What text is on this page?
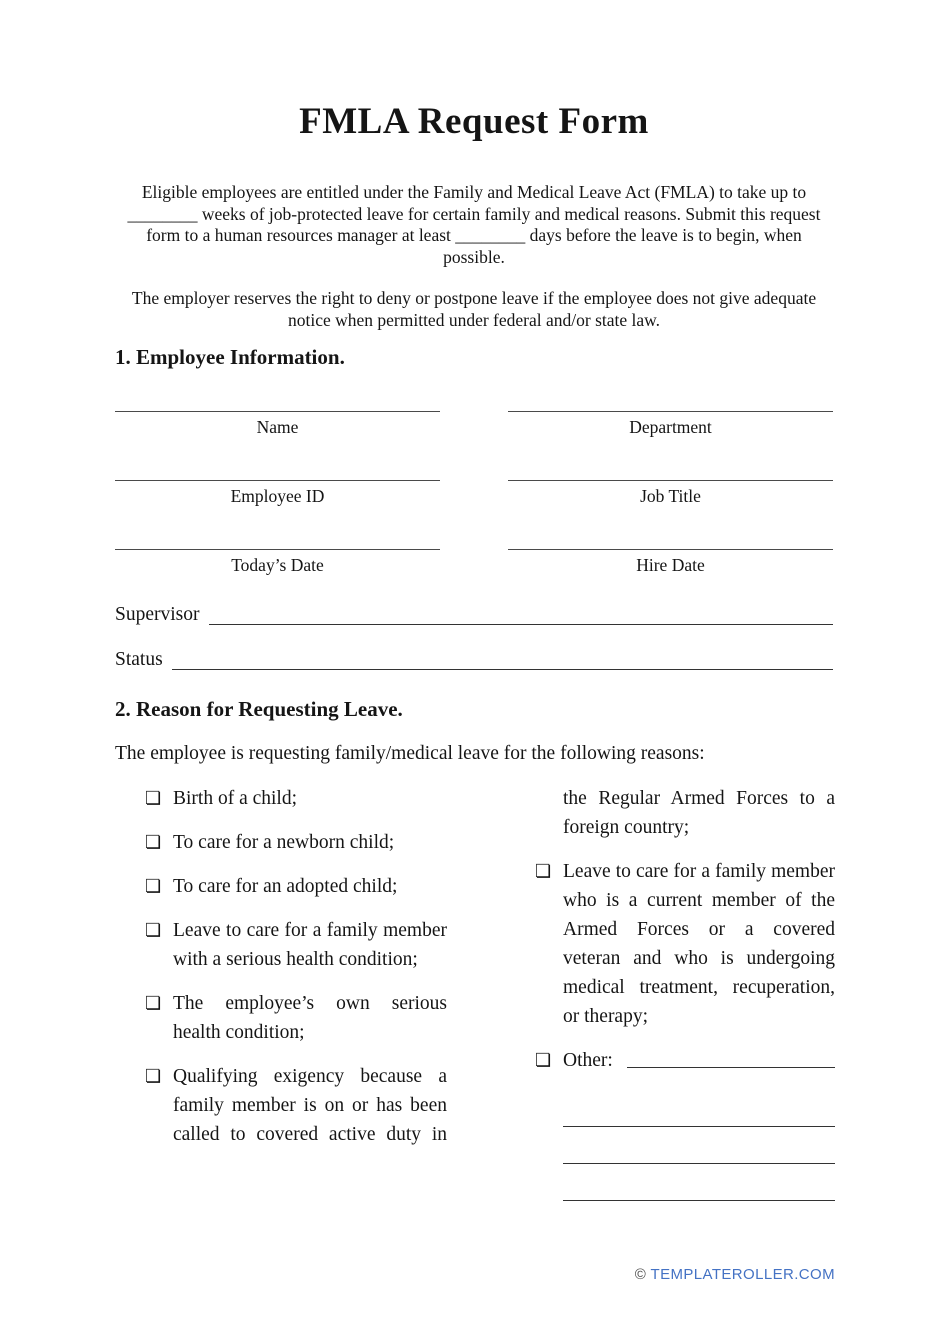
FMLA Request Form

Eligible employees are entitled under the Family and Medical Leave Act (FMLA) to take up to ________ weeks of job-protected leave for certain family and medical reasons. Submit this request form to a human resources manager at least ________ days before the leave is to begin, when possible.

The employer reserves the right to deny or postpone leave if the employee does not give adequate notice when permitted under federal and/or state law.

1. Employee Information.
Name	Department
Employee ID	Job Title
Today’s Date	Hire Date
Supervisor
Status
2. Reason for Requesting Leave.

The employee is requesting family/medical leave for the following reasons:

❏ Birth of a child;
❏ To care for a newborn child;
❏ To care for an adopted child;
❏ Leave to care for a family member with a serious health condition;
❏ The employee’s own serious health condition;
❏ Qualifying exigency because a family member is on or has been called to covered active duty in
the Regular Armed Forces to a foreign country;
❏ Leave to care for a family member who is a current member of the Armed Forces or a covered veteran and who is undergoing medical treatment, recuperation, or therapy;
❏ Other:
© TEMPLATEROLLER.COM
